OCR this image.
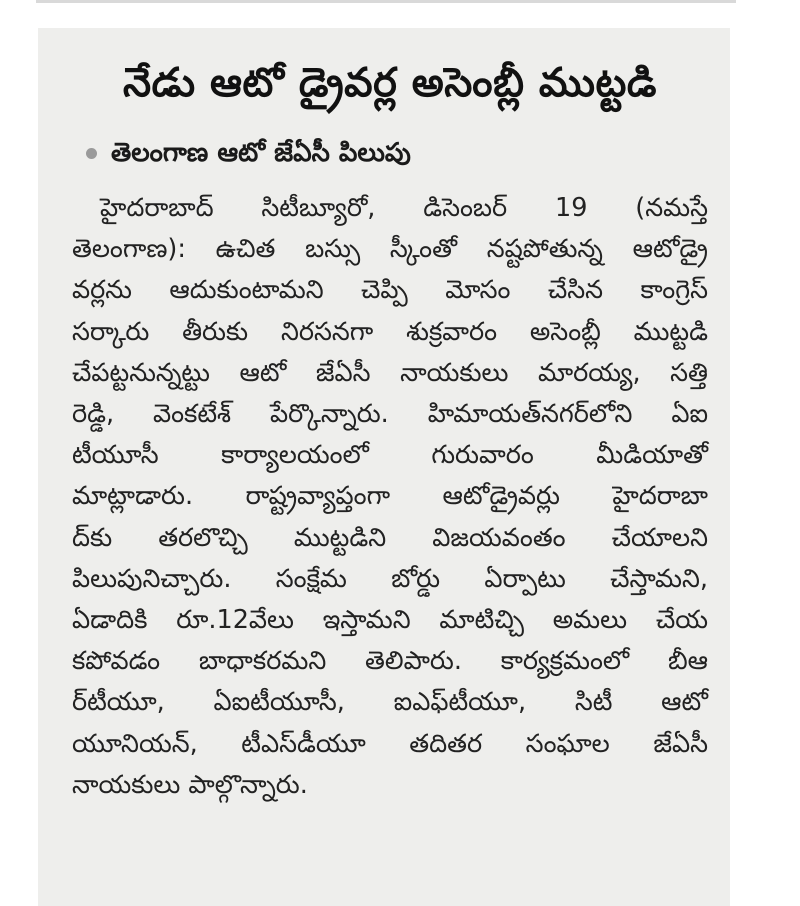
నేడు ఆటో డ్రైవర్ల అసెంబ్లీ ముట్టడి
తెలంగాణ ఆటో జేఏసీ పిలుపు
హైదరాబాద్ సిటీబ్యూరో, డిసెంబర్ 19 (నమస్తే
తెలంగాణ): ఉచిత బస్సు స్కీంతో నష్టపోతున్న ఆటోడ్రై
వర్లను ఆదుకుంటామని చెప్పి మోసం చేసిన కాంగ్రెస్
సర్కారు తీరుకు నిరసనగా శుక్రవారం అసెంబ్లీ ముట్టడి
చేపట్టనున్నట్టు ఆటో జేఏసీ నాయకులు మారయ్య, సత్తి
రెడ్డి, వెంకటేశ్ పేర్కొన్నారు. హిమాయత్‌నగర్‌లోని ఏఐ
టీయూసీ కార్యాలయంలో గురువారం మీడియాతో
మాట్లాడారు. రాష్ట్రవ్యాప్తంగా ఆటోడ్రైవర్లు హైదరాబా
ద్‌కు తరలొచ్చి ముట్టడిని విజయవంతం చేయాలని
పిలుపునిచ్చారు. సంక్షేమ బోర్డు ఏర్పాటు చేస్తామని,
ఏడాదికి రూ.12వేలు ఇస్తామని మాటిచ్చి అమలు చేయ
కపోవడం బాధాకరమని తెలిపారు. కార్యక్రమంలో బీఆ
ర్‌టీయూ, ఏఐటీయూసీ, ఐఎఫ్‌టీయూ, సిటీ ఆటో
యూనియన్, టీఎస్‌డీయూ తదితర సంఘాల జేఏసీ
నాయకులు పాల్గొన్నారు.
